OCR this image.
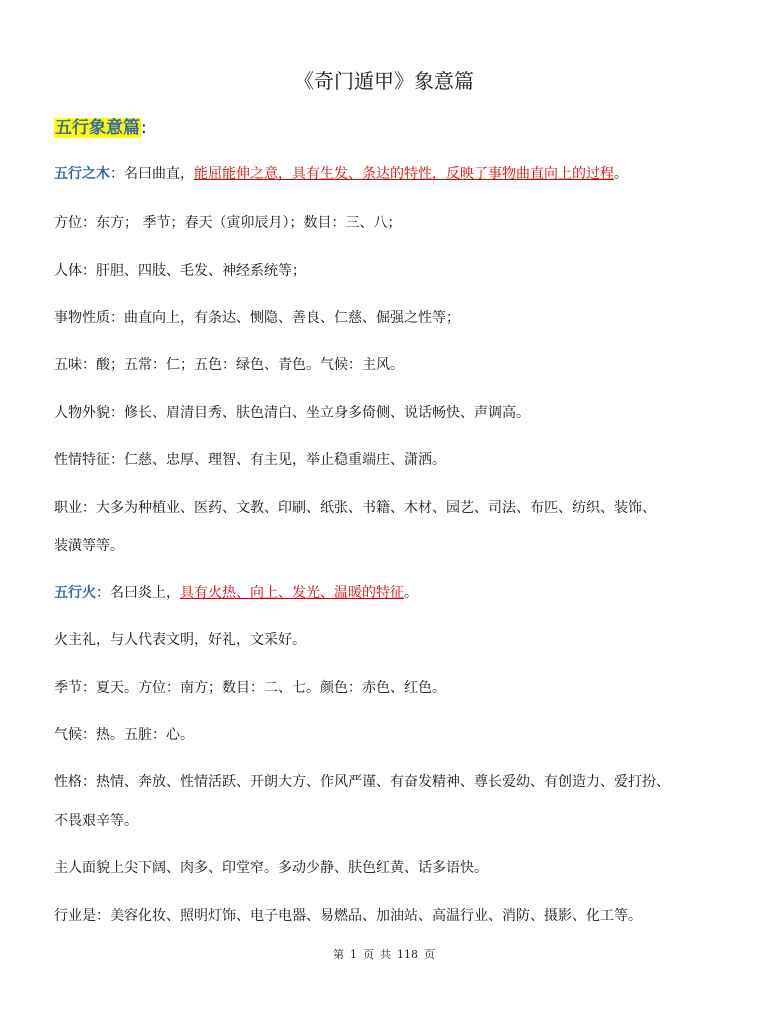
《奇门遁甲》象意篇
五行象意篇:
五行之木：名曰曲直，能屈能伸之意，具有生发、条达的特性，反映了事物曲直向上的过程。
方位：东方； 季节；春天（寅卯辰月）；数目：三、八；
人体：肝胆、四肢、毛发、神经系统等；
事物性质：曲直向上，有条达、恻隐、善良、仁慈、倔强之性等；
五味：酸；五常：仁；五色：绿色、青色。气候：主风。
人物外貌：修长、眉清目秀、肤色清白、坐立身多倚侧、说话畅快、声调高。
性情特征：仁慈、忠厚、理智、有主见，举止稳重端庄、潇洒。
职业：大多为种植业、医药、文教、印刷、纸张、书籍、木材、园艺、司法、布匹、纺织、装饰、
装潢等等。
五行火：名曰炎上，具有火热、向上、发光、温暖的特征。
火主礼，与人代表文明，好礼，文采好。
季节：夏天。方位：南方；数目：二、七。颜色：赤色、红色。
气候：热。五脏：心。
性格：热情、奔放、性情活跃、开朗大方、作风严谨、有奋发精神、尊长爱幼、有创造力、爱打扮、
不畏艰辛等。
主人面貌上尖下阔、肉多、印堂窄。多动少静、肤色红黄、话多语快。
行业是：美容化妆、照明灯饰、电子电器、易燃品、加油站、高温行业、消防、摄影、化工等。
第 1 页 共 118 页
